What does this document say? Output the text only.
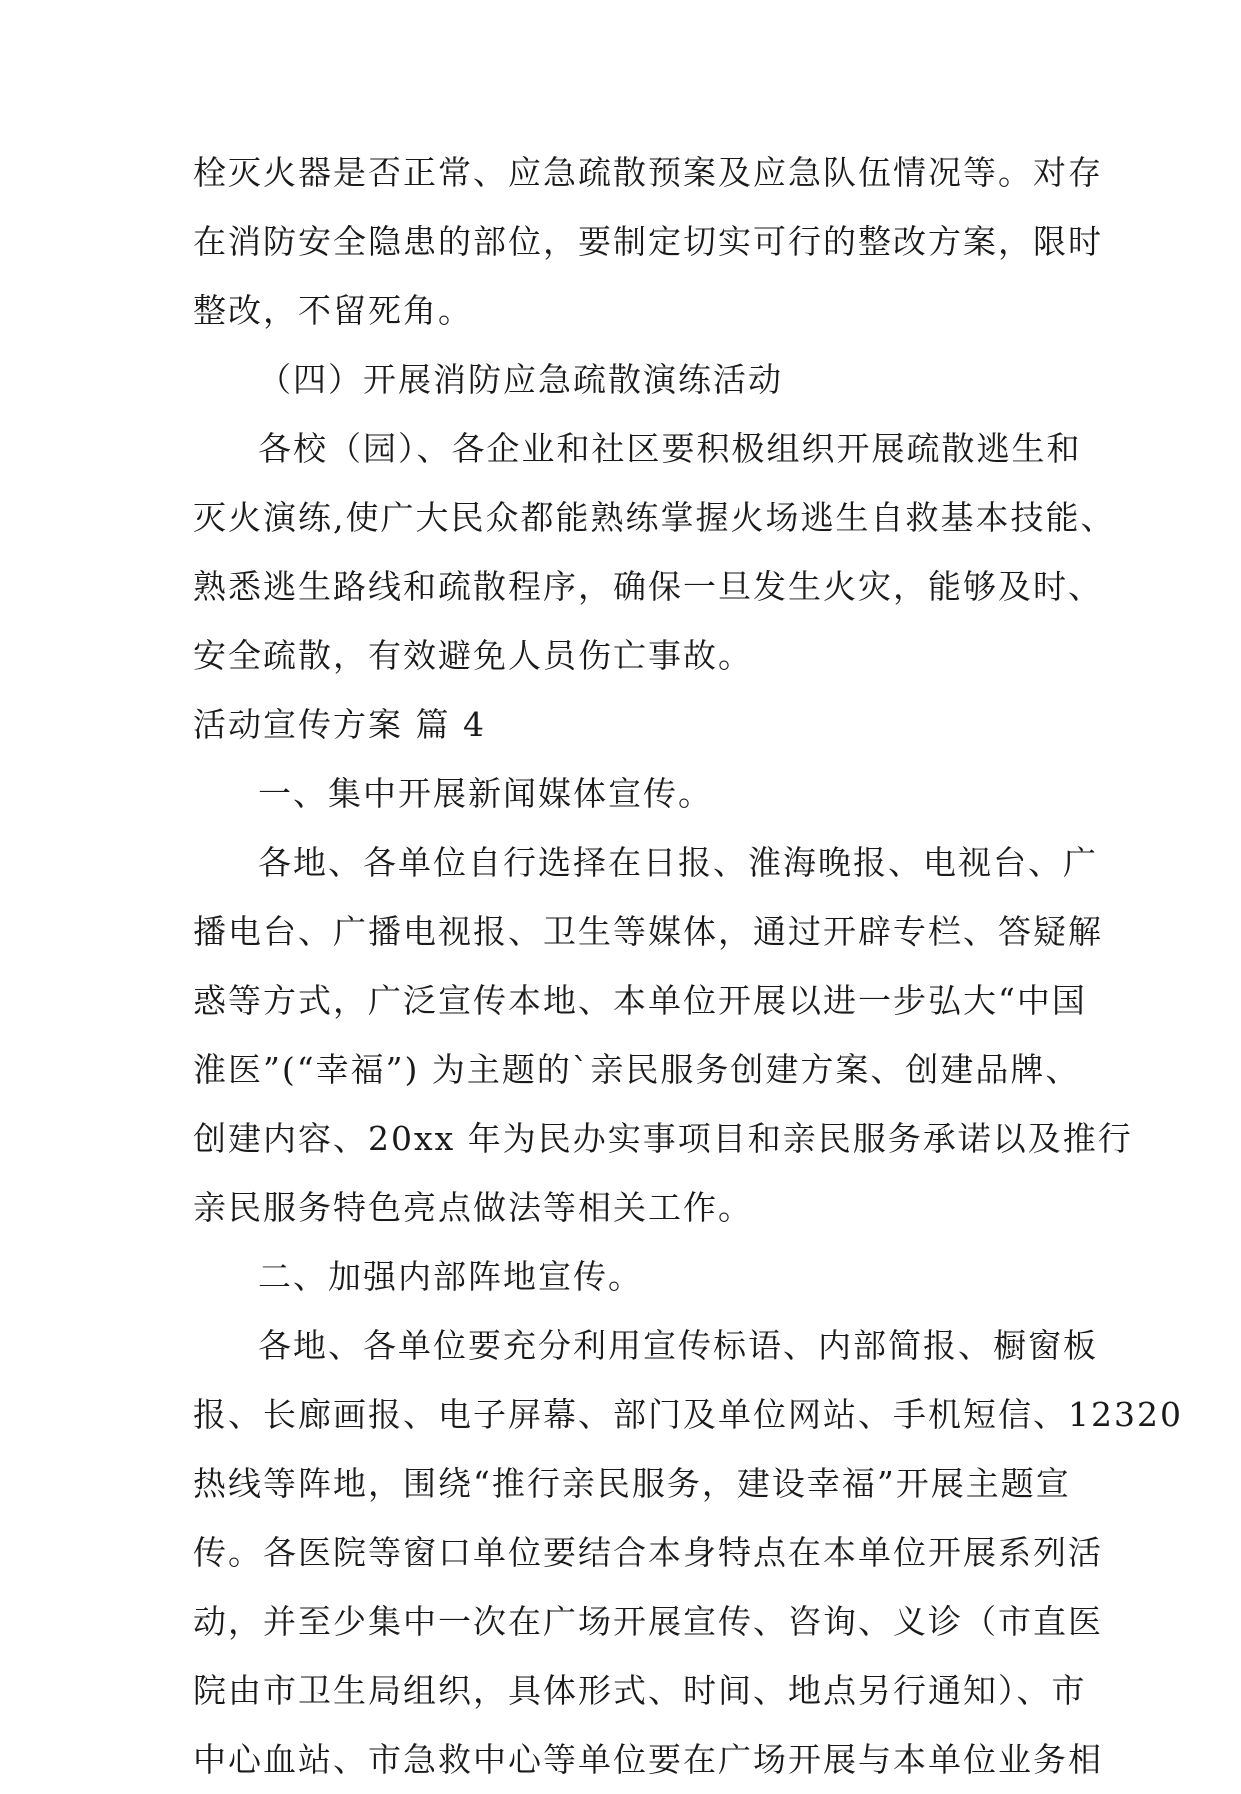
栓灭火器是否正常、应急疏散预案及应急队伍情况等。对存
在消防安全隐患的部位，要制定切实可行的整改方案，限时
整改，不留死角。
（四）开展消防应急疏散演练活动
各校（园）、各企业和社区要积极组织开展疏散逃生和
灭火演练,使广大民众都能熟练掌握火场逃生自救基本技能、
熟悉逃生路线和疏散程序，确保一旦发生火灾，能够及时、
安全疏散，有效避免人员伤亡事故。
活动宣传方案 篇 4
一、集中开展新闻媒体宣传。
各地、各单位自行选择在日报、淮海晚报、电视台、广
播电台、广播电视报、卫生等媒体，通过开辟专栏、答疑解
惑等方式，广泛宣传本地、本单位开展以进一步弘大“中国
淮医”(“幸福”) 为主题的`亲民服务创建方案、创建品牌、
创建内容、20xx 年为民办实事项目和亲民服务承诺以及推行
亲民服务特色亮点做法等相关工作。
二、加强内部阵地宣传。
各地、各单位要充分利用宣传标语、内部简报、橱窗板
报、长廊画报、电子屏幕、部门及单位网站、手机短信、12320
热线等阵地，围绕“推行亲民服务，建设幸福”开展主题宣
传。各医院等窗口单位要结合本身特点在本单位开展系列活
动，并至少集中一次在广场开展宣传、咨询、义诊（市直医
院由市卫生局组织，具体形式、时间、地点另行通知）、市
中心血站、市急救中心等单位要在广场开展与本单位业务相
